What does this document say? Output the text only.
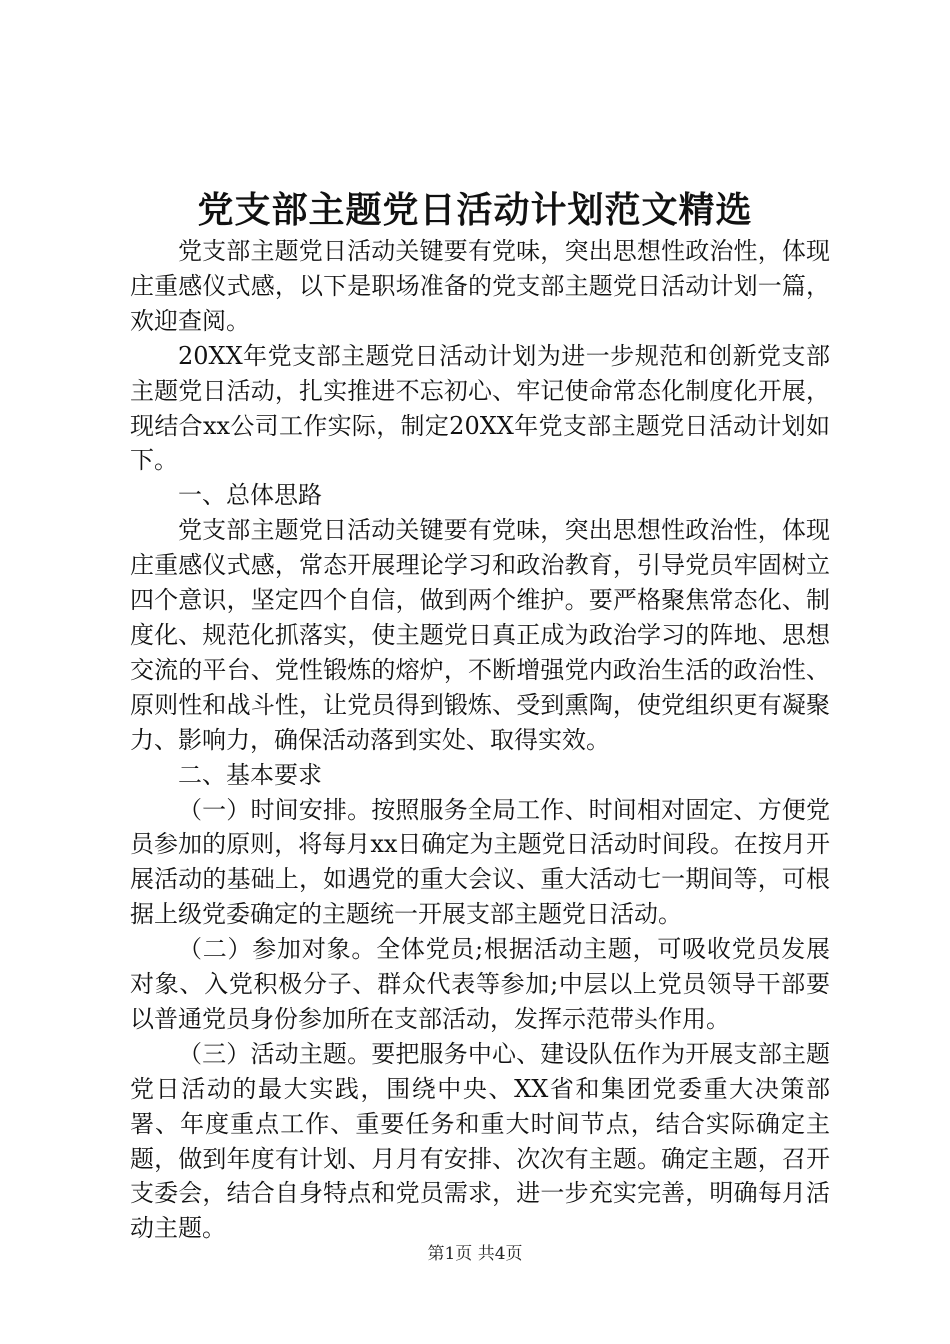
党支部主题党日活动计划范文精选

党支部主题党日活动关键要有党味，突出思想性政治性，体现庄重感仪式感，以下是职场准备的党支部主题党日活动计划一篇，欢迎查阅。

20XX年党支部主题党日活动计划为进一步规范和创新党支部主题党日活动，扎实推进不忘初心、牢记使命常态化制度化开展，现结合xx公司工作实际，制定20XX年党支部主题党日活动计划如下。

一、总体思路

党支部主题党日活动关键要有党味，突出思想性政治性，体现庄重感仪式感，常态开展理论学习和政治教育，引导党员牢固树立四个意识，坚定四个自信，做到两个维护。要严格聚焦常态化、制度化、规范化抓落实，使主题党日真正成为政治学习的阵地、思想交流的平台、党性锻炼的熔炉，不断增强党内政治生活的政治性、原则性和战斗性，让党员得到锻炼、受到熏陶，使党组织更有凝聚力、影响力，确保活动落到实处、取得实效。

二、基本要求

（一）时间安排。按照服务全局工作、时间相对固定、方便党员参加的原则，将每月xx日确定为主题党日活动时间段。在按月开展活动的基础上，如遇党的重大会议、重大活动七一期间等，可根据上级党委确定的主题统一开展支部主题党日活动。

（二）参加对象。全体党员;根据活动主题，可吸收党员发展对象、入党积极分子、群众代表等参加;中层以上党员领导干部要以普通党员身份参加所在支部活动，发挥示范带头作用。

（三）活动主题。要把服务中心、建设队伍作为开展支部主题党日活动的最大实践，围绕中央、XX省和集团党委重大决策部署、年度重点工作、重要任务和重大时间节点，结合实际确定主题，做到年度有计划、月月有安排、次次有主题。确定主题，召开支委会，结合自身特点和党员需求，进一步充实完善，明确每月活动主题。

第1页 共4页
